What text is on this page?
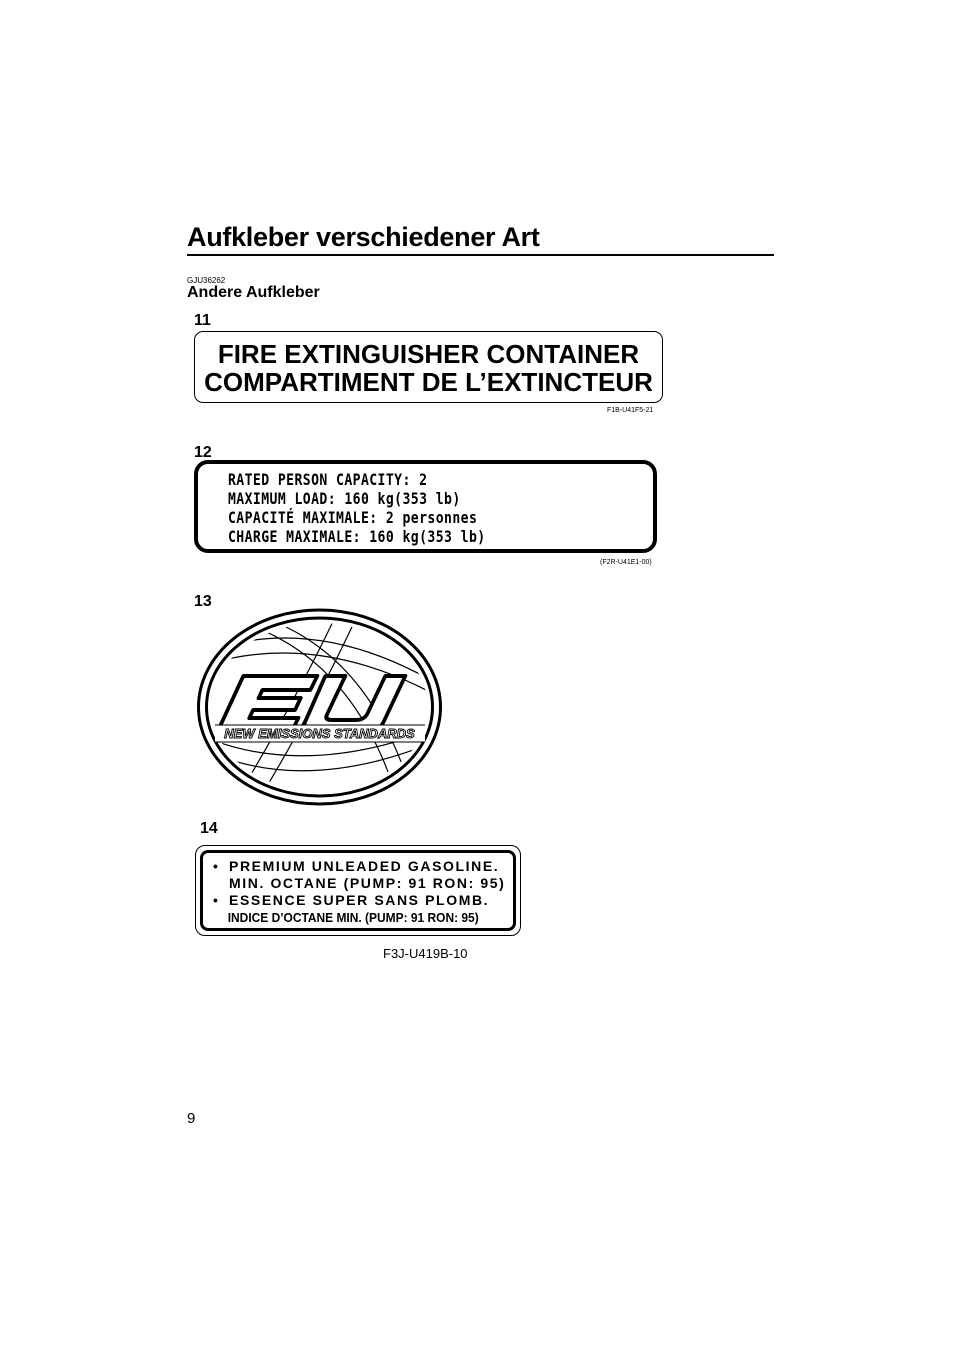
Aufkleber verschiedener Art
GJU36262
Andere Aufkleber
11
FIRE EXTINGUISHER CONTAINER
COMPARTIMENT DE L’EXTINCTEUR
F1B-U41F5-21
12
RATED PERSON CAPACITY: 2
MAXIMUM LOAD: 160 kg(353 lb)
CAPACITÉ MAXIMALE: 2 personnes
CHARGE MAXIMALE: 160 kg(353 lb)
(F2R-U41E1-00)
13
NEW EMISSIONS STANDARDS
14
• PREMIUM UNLEADED GASOLINE.
MIN. OCTANE (PUMP: 91 RON: 95)
• ESSENCE SUPER SANS PLOMB.
INDICE D’OCTANE MIN. (PUMP: 91 RON: 95)
F3J-U419B-10
9
